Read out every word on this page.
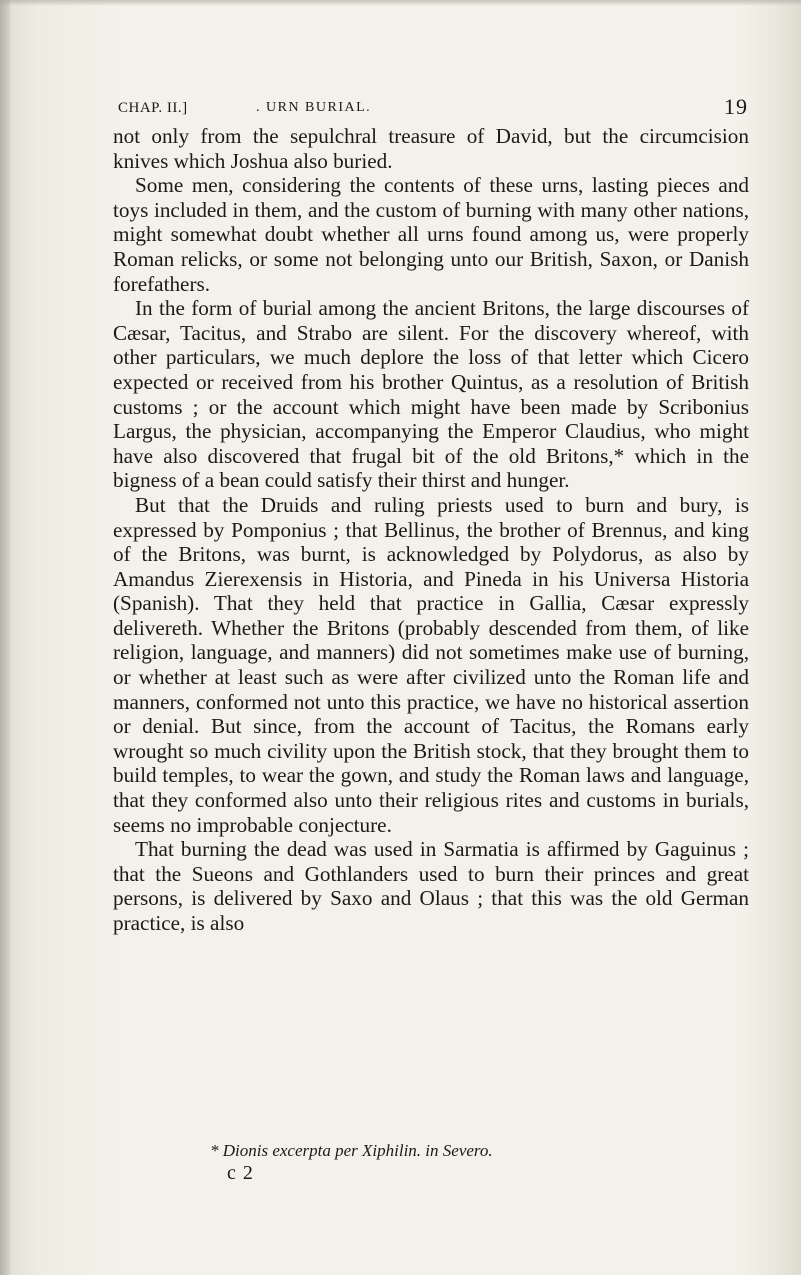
CHAP. II.]	. URN BURIAL.	19

not only from the sepulchral treasure of David, but the circumcision knives which Joshua also buried.

Some men, considering the contents of these urns, lasting pieces and toys included in them, and the custom of burning with many other nations, might somewhat doubt whether all urns found among us, were properly Roman relicks, or some not belonging unto our British, Saxon, or Danish forefathers.

In the form of burial among the ancient Britons, the large discourses of Cæsar, Tacitus, and Strabo are silent. For the discovery whereof, with other particulars, we much deplore the loss of that letter which Cicero expected or received from his brother Quintus, as a resolution of British customs ; or the account which might have been made by Scribonius Largus, the physician, accompanying the Emperor Claudius, who might have also discovered that frugal bit of the old Britons,* which in the bigness of a bean could satisfy their thirst and hunger.

But that the Druids and ruling priests used to burn and bury, is expressed by Pomponius ; that Bellinus, the brother of Brennus, and king of the Britons, was burnt, is acknowledged by Polydorus, as also by Amandus Zierexensis in Historia, and Pineda in his Universa Historia (Spanish). That they held that practice in Gallia, Cæsar expressly delivereth. Whether the Britons (probably descended from them, of like religion, language, and manners) did not sometimes make use of burning, or whether at least such as were after civilized unto the Roman life and manners, conformed not unto this practice, we have no historical assertion or denial. But since, from the account of Tacitus, the Romans early wrought so much civility upon the British stock, that they brought them to build temples, to wear the gown, and study the Roman laws and language, that they conformed also unto their religious rites and customs in burials, seems no improbable conjecture.

That burning the dead was used in Sarmatia is affirmed by Gaguinus ; that the Sueons and Gothlanders used to burn their princes and great persons, is delivered by Saxo and Olaus ; that this was the old German practice, is also

* Dionis excerpta per Xiphilin. in Severo.
c 2
